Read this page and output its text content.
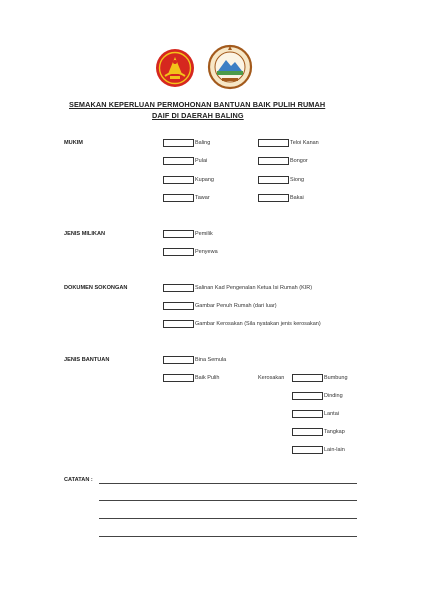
SEMAKAN KEPERLUAN PERMOHONAN BANTUAN BAIK PULIH RUMAH
DAIF DI DAERAH BALING
MUKIM	Baling	Teloi Kanan
Pulai	Bongor
Kupang	Siong
Tawar	Bakai
JENIS MILIKAN	Pemilik
Penyewa
DOKUMEN SOKONGAN	Salinan Kad Pengenalan Ketua Isi Rumah (KIR)
Gambar Penuh Rumah (dari luar)
Gambar Kerosakan (Sila nyatakan jenis kerosakan)
JENIS BANTUAN	Bina Semula
Baik Pulih	Kerosakan	Bumbung
Dinding
Lantai
Tangkap
Lain-lain
CATATAN :
